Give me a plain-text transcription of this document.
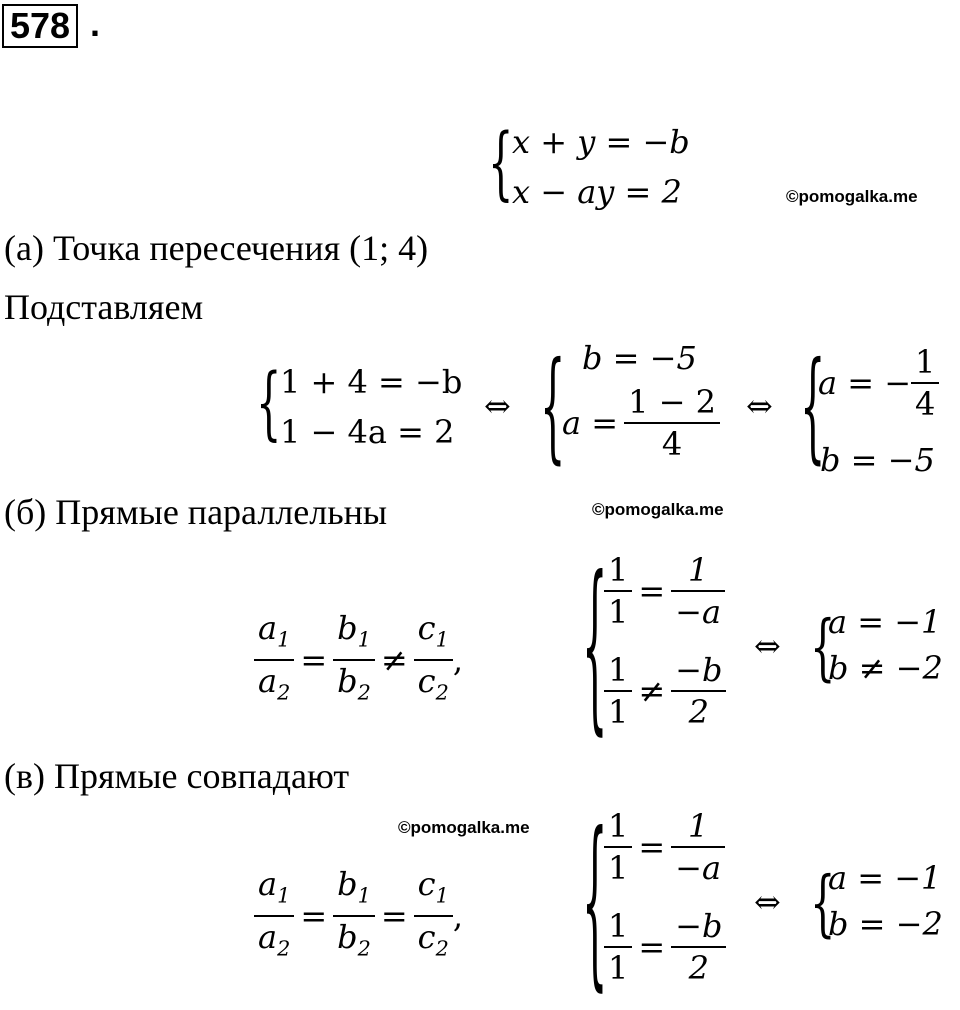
578 .
{
x + y = −b
x − ay = 2	©pomogalka.me
(а) Точка пересечения (1; 4)
Подставляем
{
1 + 4 = −b
1 − 4a = 2
⇔ { b = −5
$a = \frac{1 - 2}{4}$ ⇔ {
a = − $\frac{1}{4}$
b = −5
(б) Прямые параллельны	©pomogalka.me
$\frac{a_1}{a_2} = \frac{b_1}{b_2} \ne \frac{c_1}{c_2}$ ,	{
$\frac{1}{1} = \frac{1}{-a}$
$\frac{1}{1} \ne \frac{-b}{2}$
⇔ {
a = −1
b ≠ −2
(в) Прямые совпадают
©pomogalka.me
$\frac{a_1}{a_2} = \frac{b_1}{b_2} = \frac{c_1}{c_2}$ ,	{
$\frac{1}{1} = \frac{1}{-a}$
$\frac{1}{1} = \frac{-b}{2}$
⇔ {
a = −1
b = −2
